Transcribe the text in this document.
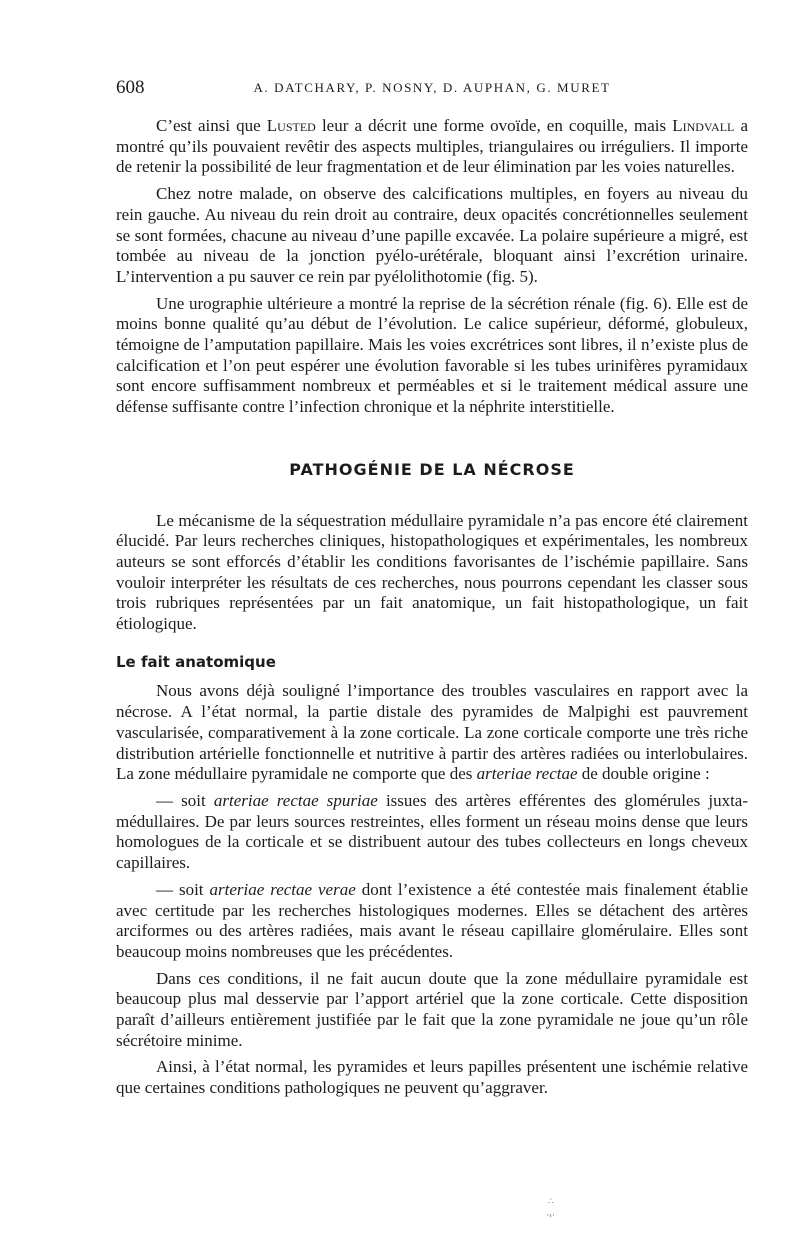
608	A. DATCHARY, P. NOSNY, D. AUPHAN, G. MURET

C’est ainsi que Lusted leur a décrit une forme ovoïde, en coquille, mais Lindvall a montré qu’ils pouvaient revêtir des aspects multiples, triangulaires ou irréguliers. Il importe de retenir la possibilité de leur fragmentation et de leur élimination par les voies naturelles.

Chez notre malade, on observe des calcifications multiples, en foyers au niveau du rein gauche. Au niveau du rein droit au contraire, deux opacités concrétionnelles seulement se sont formées, chacune au niveau d’une papille excavée. La polaire supérieure a migré, est tombée au niveau de la jonction pyélo-urétérale, bloquant ainsi l’excrétion urinaire. L’intervention a pu sauver ce rein par pyélolithotomie (fig. 5).

Une urographie ultérieure a montré la reprise de la sécrétion rénale (fig. 6). Elle est de moins bonne qualité qu’au début de l’évolution. Le calice supérieur, déformé, globuleux, témoigne de l’amputation papillaire. Mais les voies excrétrices sont libres, il n’existe plus de calcification et l’on peut espérer une évolution favorable si les tubes urinifères pyramidaux sont encore suffisamment nombreux et perméables et si le traitement médical assure une défense suffisante contre l’infection chronique et la néphrite interstitielle.

PATHOGÉNIE DE LA NÉCROSE

Le mécanisme de la séquestration médullaire pyramidale n’a pas encore été clairement élucidé. Par leurs recherches cliniques, histopathologiques et expérimentales, les nombreux auteurs se sont efforcés d’établir les conditions favorisantes de l’ischémie papillaire. Sans vouloir interpréter les résultats de ces recherches, nous pourrons cependant les classer sous trois rubriques représentées par un fait anatomique, un fait histopathologique, un fait étiologique.

Le fait anatomique

Nous avons déjà souligné l’importance des troubles vasculaires en rapport avec la nécrose. A l’état normal, la partie distale des pyramides de Malpighi est pauvrement vascularisée, comparativement à la zone corticale. La zone corticale comporte une très riche distribution artérielle fonctionnelle et nutritive à partir des artères radiées ou interlobulaires. La zone médullaire pyramidale ne comporte que des arteriae rectae de double origine :

— soit arteriae rectae spuriae issues des artères efférentes des glomérules juxta-médullaires. De par leurs sources restreintes, elles forment un réseau moins dense que leurs homologues de la corticale et se distribuent autour des tubes collecteurs en longs cheveux capillaires.

— soit arteriae rectae verae dont l’existence a été contestée mais finalement établie avec certitude par les recherches histologiques modernes. Elles se détachent des artères arciformes ou des artères radiées, mais avant le réseau capillaire glomérulaire. Elles sont beaucoup moins nombreuses que les précédentes.

Dans ces conditions, il ne fait aucun doute que la zone médullaire pyramidale est beaucoup plus mal desservie par l’apport artériel que la zone corticale. Cette disposition paraît d’ailleurs entièrement justifiée par le fait que la zone pyramidale ne joue qu’un rôle sécrétoire minime.

Ainsi, à l’état normal, les pyramides et leurs papilles présentent une ischémie relative que certaines conditions pathologiques ne peuvent qu’aggraver.

∴
·‹·
